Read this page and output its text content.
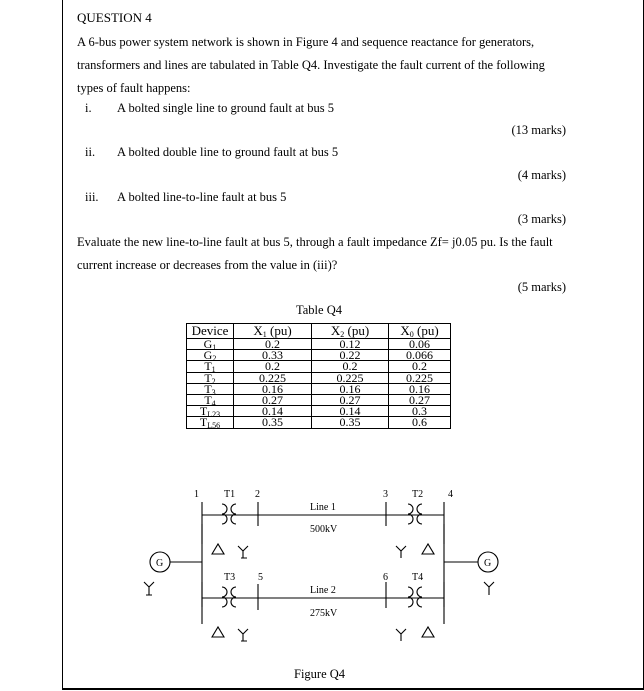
QUESTION 4
A 6-bus power system network is shown in Figure 4 and sequence reactance for generators,
transformers and lines are tabulated in Table Q4. Investigate the fault current of the following
types of fault happens:
i. A bolted single line to ground fault at bus 5
(13 marks)
ii. A bolted double line to ground fault at bus 5
(4 marks)
iii. A bolted line-to-line fault at bus 5
(3 marks)
Evaluate the new line-to-line fault at bus 5, through a fault impedance Zf= j0.05 pu. Is the fault
current increase or decreases from the value in (iii)?
(5 marks)
Table Q4
Device	$X_1$ (pu)	$X_2$ (pu)	$X_0$ (pu)
$G_1$	0.2	0.12	0.06
$G_2$	0.33	0.22	0.066
$T_1$	0.2	0.2	0.2
$T_2$	0.225	0.225	0.225
$T_3$	0.16	0.16	0.16
$T_4$	0.27	0.27	0.27
$T_{L23}$	0.14	0.14	0.3
$T_{L56}$	0.35	0.35	0.6
1	2	3	4
5	6
T1	T2
T3	T4
G	G
Line 1
500kV
Line 2
275kV
Figure Q4
